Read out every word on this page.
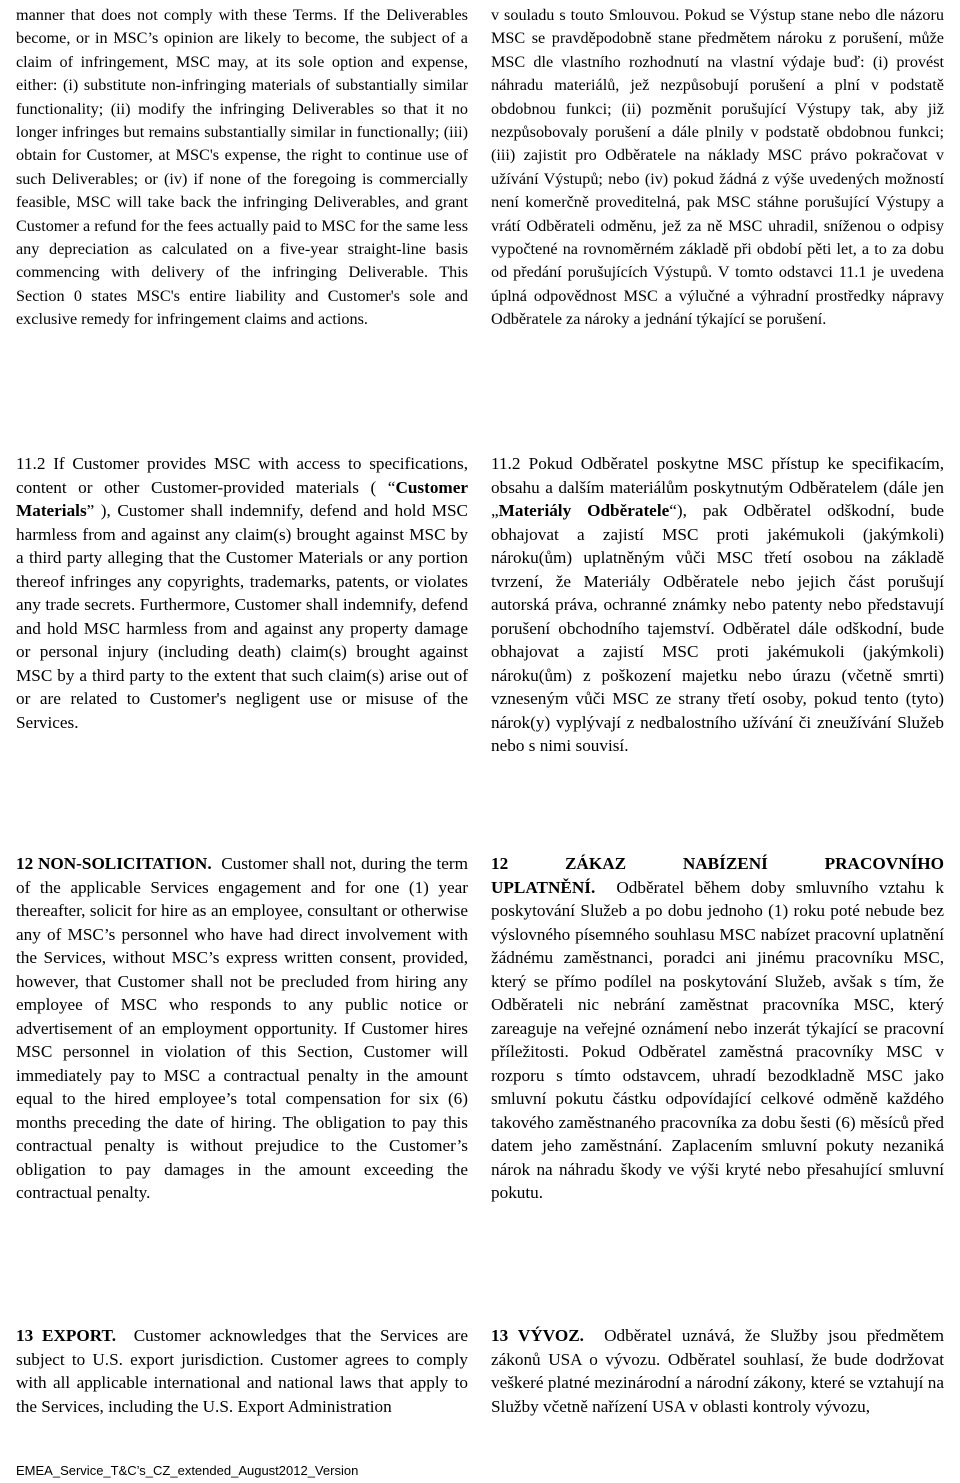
manner that does not comply with these Terms. If the Deliverables become, or in MSC’s opinion are likely to become, the subject of a claim of infringement, MSC may, at its sole option and expense, either: (i) substitute non-infringing materials of substantially similar functionality; (ii) modify the infringing Deliverables so that it no longer infringes but remains substantially similar in functionally; (iii) obtain for Customer, at MSC's expense, the right to continue use of such Deliverables; or (iv) if none of the foregoing is commercially feasible, MSC will take back the infringing Deliverables, and grant Customer a refund for the fees actually paid to MSC for the same less any depreciation as calculated on a five-year straight-line basis commencing with delivery of the infringing Deliverable. This Section 0 states MSC's entire liability and Customer's sole and exclusive remedy for infringement claims and actions.
v souladu s touto Smlouvou. Pokud se Výstup stane nebo dle názoru MSC se pravděpodobně stane předmětem nároku z porušení, může MSC dle vlastního rozhodnutí na vlastní výdaje buď: (i) provést náhradu materiálů, jež nezpůsobují porušení a plní v podstatě obdobnou funkci; (ii) pozměnit porušující Výstupy tak, aby již nezpůsobovaly porušení a dále plnily v podstatě obdobnou funkci; (iii) zajistit pro Odběratele na náklady MSC právo pokračovat v užívání Výstupů; nebo (iv) pokud žádná z výše uvedených možností není komerčně proveditelná, pak MSC stáhne porušující Výstupy a vrátí Odběrateli odměnu, jež za ně MSC uhradil, sníženou o odpisy vypočtené na rovnoměrném základě při období pěti let, a to za dobu od předání porušujících Výstupů. V tomto odstavci 11.1 je uvedena úplná odpovědnost MSC a výlučné a výhradní prostředky nápravy Odběratele za nároky a jednání týkající se porušení.
11.2 If Customer provides MSC with access to specifications, content or other Customer-provided materials ( “Customer Materials” ), Customer shall indemnify, defend and hold MSC harmless from and against any claim(s) brought against MSC by a third party alleging that the Customer Materials or any portion thereof infringes any copyrights, trademarks, patents, or violates any trade secrets. Furthermore, Customer shall indemnify, defend and hold MSC harmless from and against any property damage or personal injury (including death) claim(s) brought against MSC by a third party to the extent that such claim(s) arise out of or are related to Customer's negligent use or misuse of the Services.
11.2 Pokud Odběratel poskytne MSC přístup ke specifikacím, obsahu a dalším materiálům poskytnutým Odběratelem (dále jen „Materiály Odběratele“), pak Odběratel odškodní, bude obhajovat a zajistí MSC proti jakémukoli (jakýmkoli) nároku(ům) uplatněným vůči MSC třetí osobou na základě tvrzení, že Materiály Odběratele nebo jejich část porušují autorská práva, ochranné známky nebo patenty nebo představují porušení obchodního tajemství. Odběratel dále odškodní, bude obhajovat a zajistí MSC proti jakémukoli (jakýmkoli) nároku(ům) z poškození majetku nebo úrazu (včetně smrti) vzneseným vůči MSC ze strany třetí osoby, pokud tento (tyto) nárok(y) vyplývají z nedbalostního užívání či zneužívání Služeb nebo s nimi souvisí.
12 NON-SOLICITATION. Customer shall not, during the term of the applicable Services engagement and for one (1) year thereafter, solicit for hire as an employee, consultant or otherwise any of MSC’s personnel who have had direct involvement with the Services, without MSC’s express written consent, provided, however, that Customer shall not be precluded from hiring any employee of MSC who responds to any public notice or advertisement of an employment opportunity. If Customer hires MSC personnel in violation of this Section, Customer will immediately pay to MSC a contractual penalty in the amount equal to the hired employee’s total compensation for six (6) months preceding the date of hiring. The obligation to pay this contractual penalty is without prejudice to the Customer’s obligation to pay damages in the amount exceeding the contractual penalty.
12 ZÁKAZ NABÍZENÍ PRACOVNÍHO UPLATNĚNÍ. Odběratel během doby smluvního vztahu k poskytování Služeb a po dobu jednoho (1) roku poté nebude bez výslovného písemného souhlasu MSC nabízet pracovní uplatnění žádnému zaměstnanci, poradci ani jinému pracovníku MSC, který se přímo podílel na poskytování Služeb, avšak s tím, že Odběrateli nic nebrání zaměstnat pracovníka MSC, který zareaguje na veřejné oznámení nebo inzerát týkající se pracovní příležitosti. Pokud Odběratel zaměstná pracovníky MSC v rozporu s tímto odstavcem, uhradí bezodkladně MSC jako smluvní pokutu částku odpovídající celkové odměně každého takového zaměstnaného pracovníka za dobu šesti (6) měsíců před datem jeho zaměstnání. Zaplacením smluvní pokuty nezaniká nárok na náhradu škody ve výši kryté nebo přesahující smluvní pokutu.
13 EXPORT. Customer acknowledges that the Services are subject to U.S. export jurisdiction. Customer agrees to comply with all applicable international and national laws that apply to the Services, including the U.S. Export Administration
13 VÝVOZ. Odběratel uznává, že Služby jsou předmětem zákonů USA o vývozu. Odběratel souhlasí, že bude dodržovat veškeré platné mezinárodní a národní zákony, které se vztahují na Služby včetně nařízení USA v oblasti kontroly vývozu,
EMEA_Service_T&C’s_CZ_extended_August2012_Version
